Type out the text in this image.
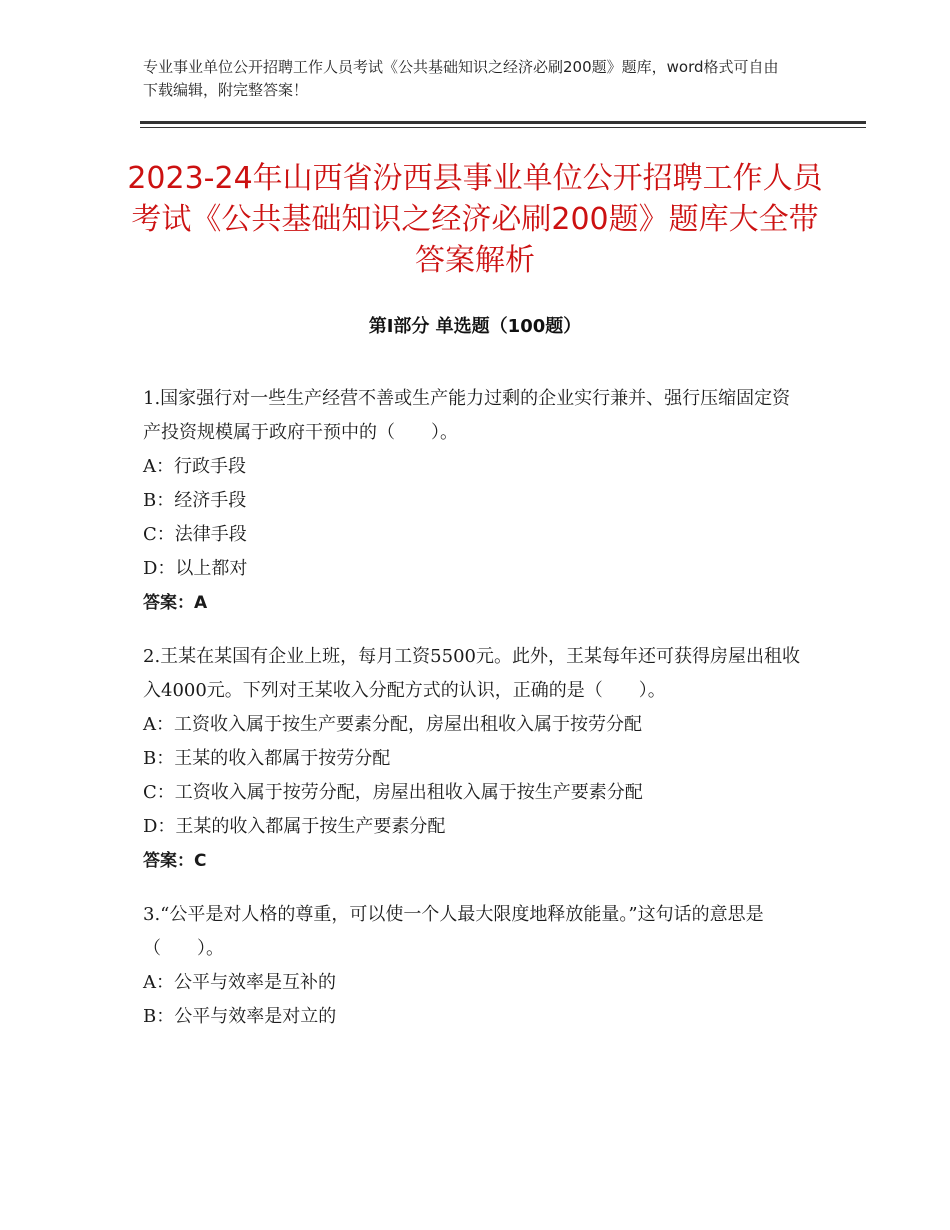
专业事业单位公开招聘工作人员考试《公共基础知识之经济必刷200题》题库，word格式可自由下载编辑，附完整答案！
2023-24年山西省汾西县事业单位公开招聘工作人员考试《公共基础知识之经济必刷200题》题库大全带答案解析
第Ⅰ部分 单选题（100题）

1.国家强行对一些生产经营不善或生产能力过剩的企业实行兼并、强行压缩固定资产投资规模属于政府干预中的（　　）。

A：行政手段

B：经济手段

C：法律手段

D：以上都对

答案：A

2.王某在某国有企业上班，每月工资5500元。此外，王某每年还可获得房屋出租收入4000元。下列对王某收入分配方式的认识，正确的是（　　）。

A：工资收入属于按生产要素分配，房屋出租收入属于按劳分配

B：王某的收入都属于按劳分配

C：工资收入属于按劳分配，房屋出租收入属于按生产要素分配

D：王某的收入都属于按生产要素分配

答案：C

3.“公平是对人格的尊重，可以使一个人最大限度地释放能量。”这句话的意思是（　　）。

A：公平与效率是互补的

B：公平与效率是对立的
